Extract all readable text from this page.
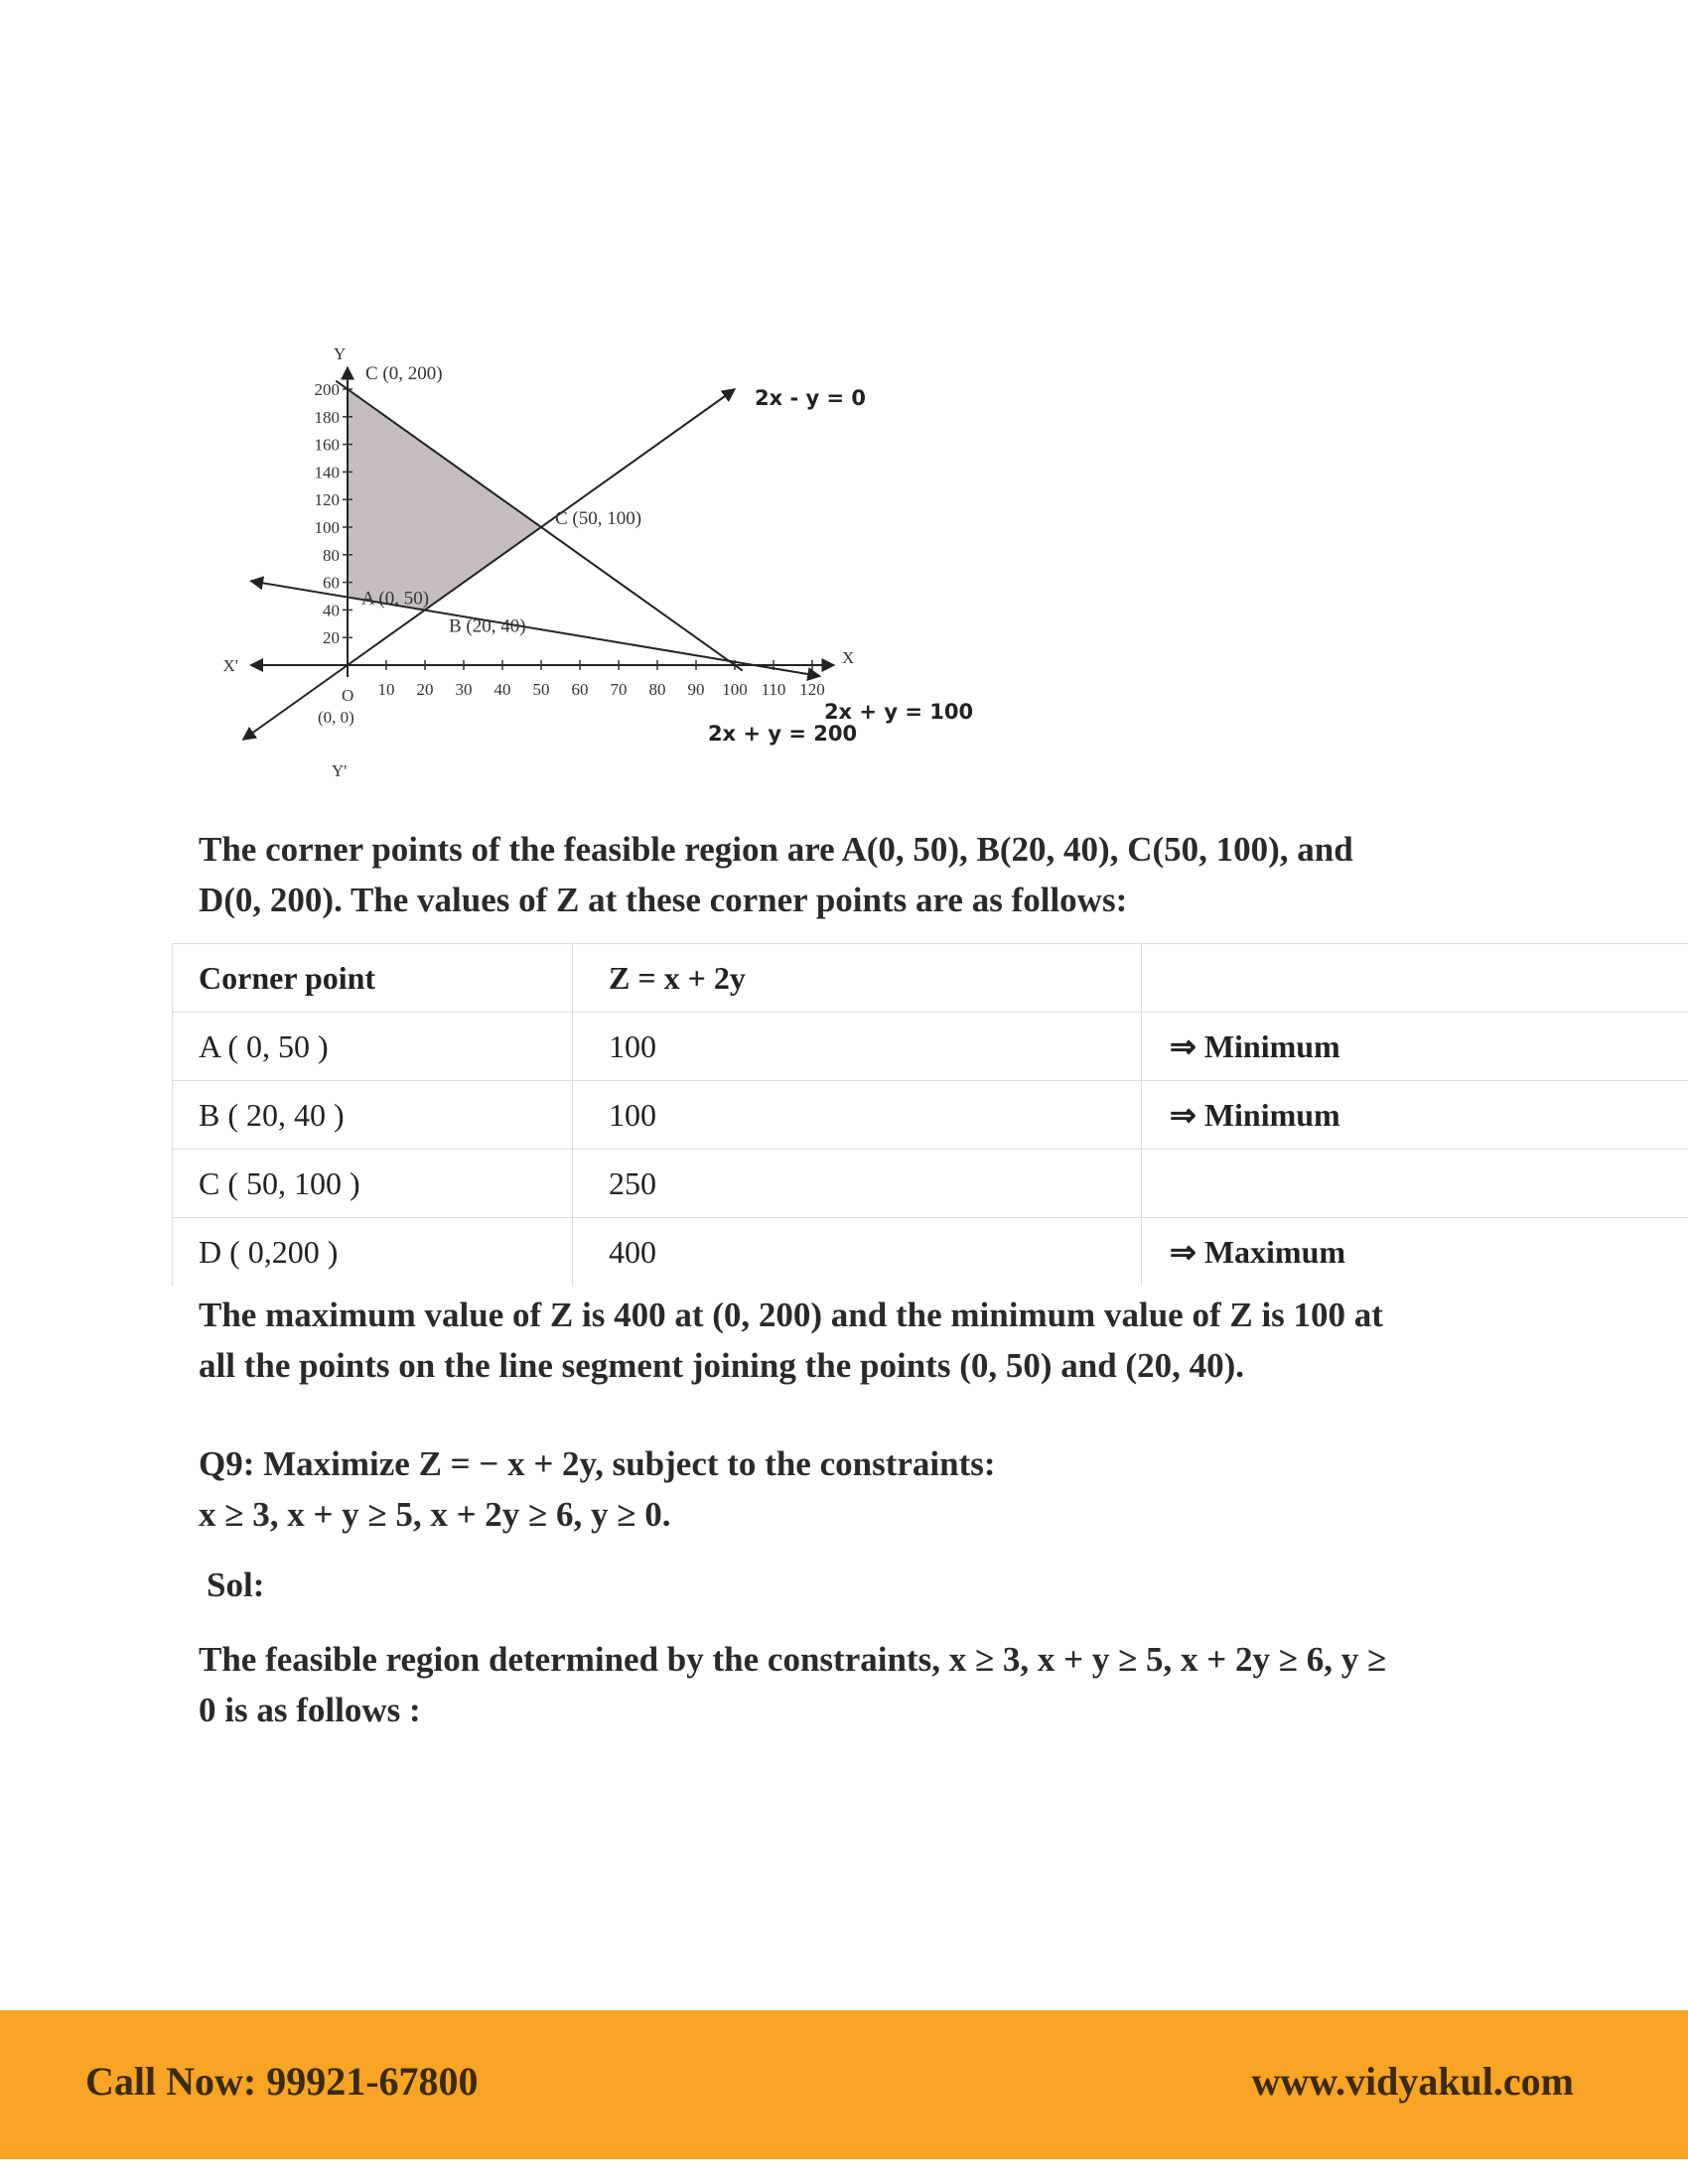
X
X'
Y
Y'
O
(0, 0)
10 20 30 40 50 60 70 80 90 100 110 120
20
40
60
80
100
120
140
160
180
200	2x - y = 0
2x + y = 100
2x + y = 200
C (0, 200)
C (50, 100)
A (0, 50)
B (20, 40)

The corner points of the feasible region are A(0, 50), B(20, 40), C(50, 100), and
D(0, 200). The values of Z at these corner points are as follows:

Corner point	Z = x + 2y	
A ( 0, 50 )	100	⇒ Minimum
B ( 20, 40 )	100	⇒ Minimum
C ( 50, 100 )	250	
D ( 0,200 )	400	⇒ Maximum

The maximum value of Z is 400 at (0, 200) and the minimum value of Z is 100 at
all the points on the line segment joining the points (0, 50) and (20, 40).

Q9: Maximize Z = − x + 2y, subject to the constraints:
x ≥ 3, x + y ≥ 5, x + 2y ≥ 6, y ≥ 0.

Sol:

The feasible region determined by the constraints, x ≥ 3, x + y ≥ 5, x + 2y ≥ 6, y ≥
0 is as follows :

Call Now: 99921-67800	www.vidyakul.com
